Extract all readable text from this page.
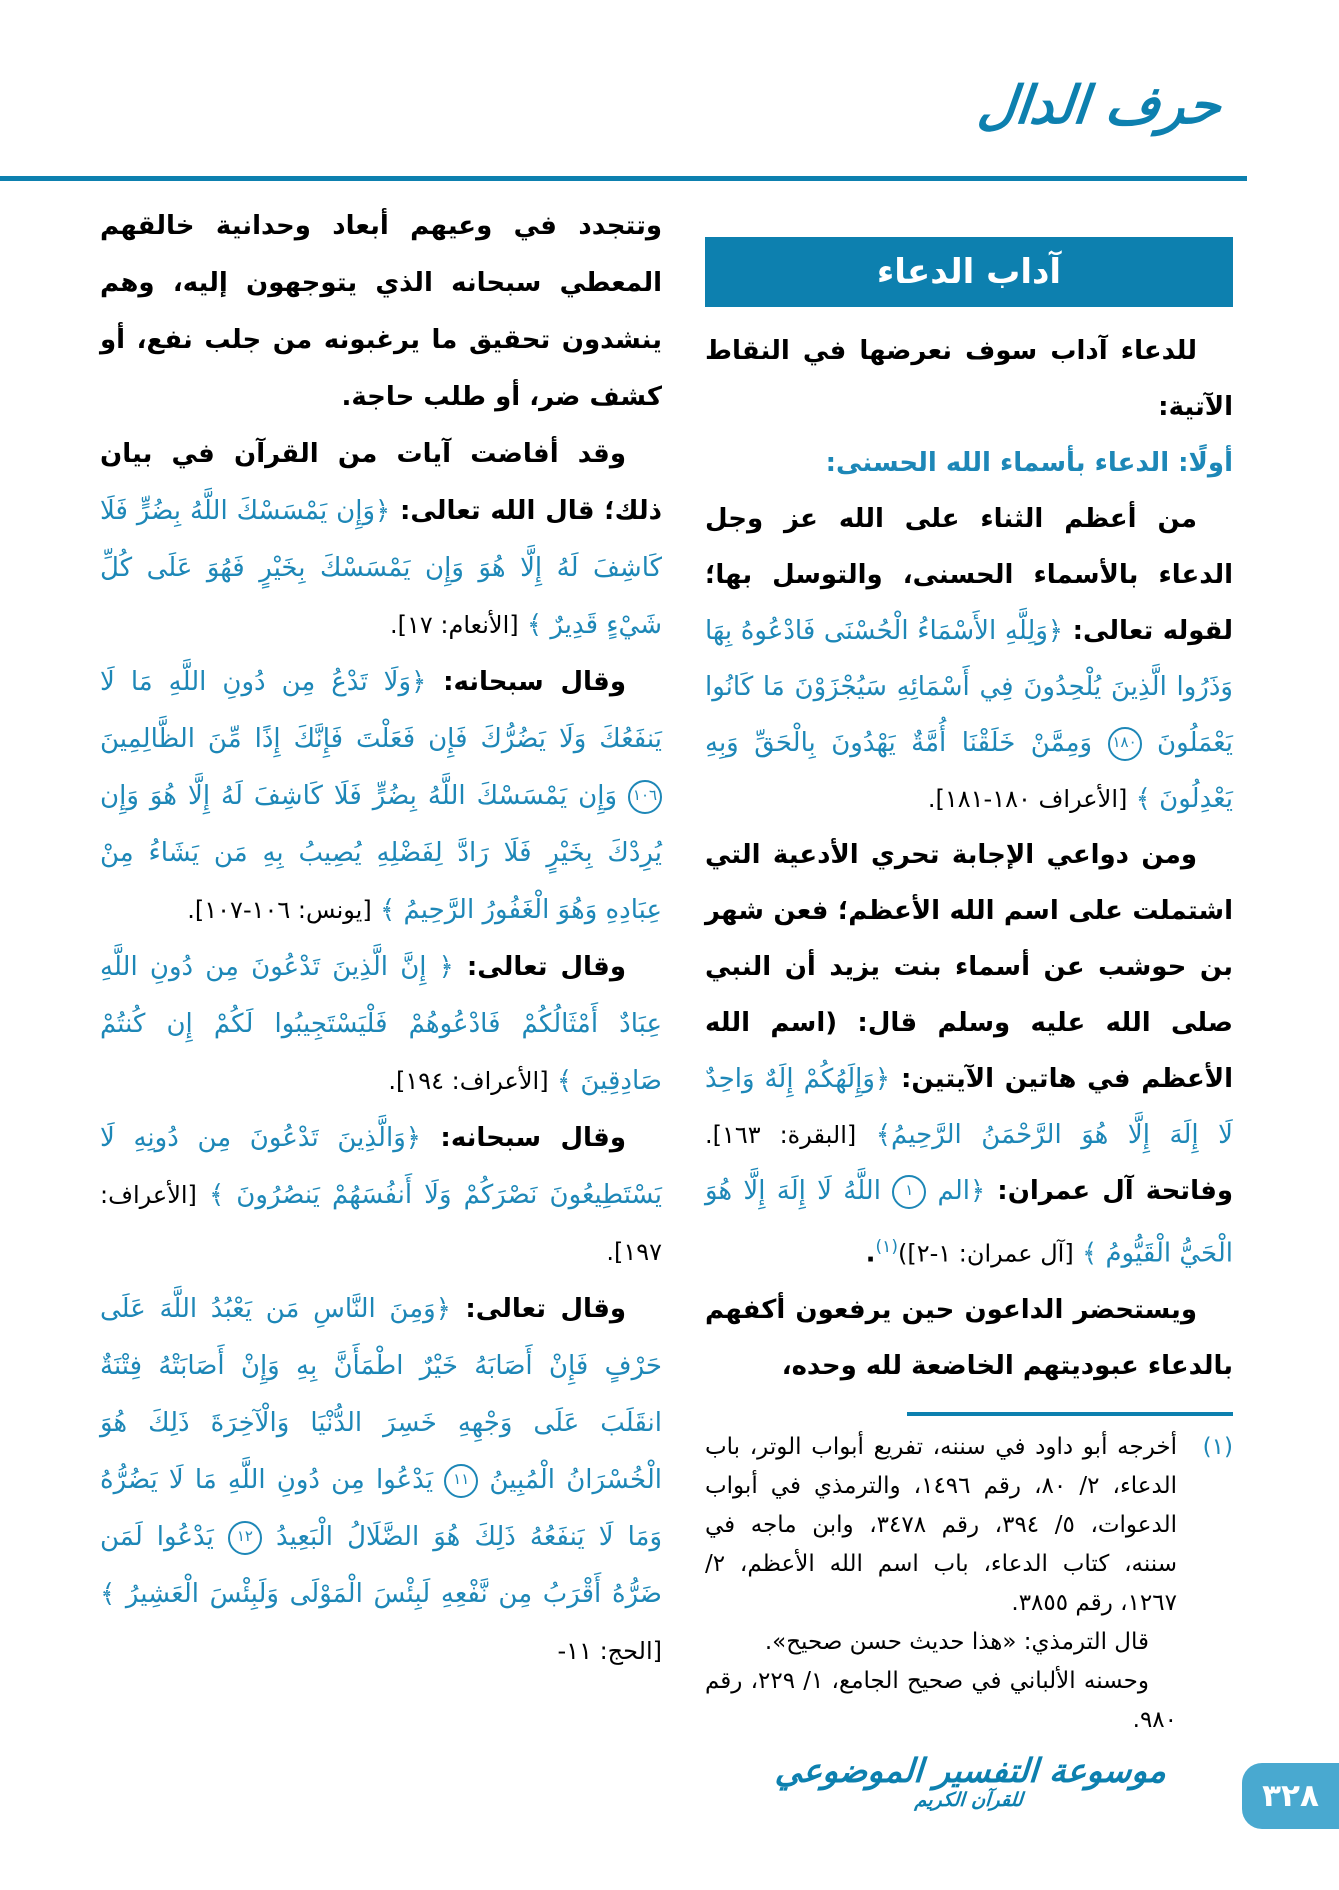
حرف الدال

وتتجدد في وعيهم أبعاد وحدانية خالقهم المعطي سبحانه الذي يتوجهون إليه، وهم ينشدون تحقيق ما يرغبونه من جلب نفع، أو كشف ضر، أو طلب حاجة.

وقد أفاضت آيات من القرآن في بيان ذلك؛ قال الله تعالى: ﴿وَإِن يَمْسَسْكَ اللَّهُ بِضُرٍّ فَلَا كَاشِفَ لَهُ إِلَّا هُوَ وَإِن يَمْسَسْكَ بِخَيْرٍ فَهُوَ عَلَى كُلِّ شَيْءٍ قَدِيرٌ ﴾ [الأنعام: ١٧].

وقال سبحانه: ﴿وَلَا تَدْعُ مِن دُونِ اللَّهِ مَا لَا يَنفَعُكَ وَلَا يَضُرُّكَ فَإِن فَعَلْتَ فَإِنَّكَ إِذًا مِّنَ الظَّالِمِينَ ١٠٦ وَإِن يَمْسَسْكَ اللَّهُ بِضُرٍّ فَلَا كَاشِفَ لَهُ إِلَّا هُوَ وَإِن يُرِدْكَ بِخَيْرٍ فَلَا رَادَّ لِفَضْلِهِ يُصِيبُ بِهِ مَن يَشَاءُ مِنْ عِبَادِهِ وَهُوَ الْغَفُورُ الرَّحِيمُ ﴾ [يونس: ١٠٦-١٠٧].

وقال تعالى: ﴿ إِنَّ الَّذِينَ تَدْعُونَ مِن دُونِ اللَّهِ عِبَادٌ أَمْثَالُكُمْ فَادْعُوهُمْ فَلْيَسْتَجِيبُوا لَكُمْ إِن كُنتُمْ صَادِقِينَ ﴾ [الأعراف: ١٩٤].

وقال سبحانه: ﴿وَالَّذِينَ تَدْعُونَ مِن دُونِهِ لَا يَسْتَطِيعُونَ نَصْرَكُمْ وَلَا أَنفُسَهُمْ يَنصُرُونَ ﴾ [الأعراف: ١٩٧].

وقال تعالى: ﴿وَمِنَ النَّاسِ مَن يَعْبُدُ اللَّهَ عَلَى حَرْفٍ فَإِنْ أَصَابَهُ خَيْرٌ اطْمَأَنَّ بِهِ وَإِنْ أَصَابَتْهُ فِتْنَةٌ انقَلَبَ عَلَى وَجْهِهِ خَسِرَ الدُّنْيَا وَالْآخِرَةَ ذَلِكَ هُوَ الْخُسْرَانُ الْمُبِينُ ١١ يَدْعُوا مِن دُونِ اللَّهِ مَا لَا يَضُرُّهُ وَمَا لَا يَنفَعُهُ ذَلِكَ هُوَ الضَّلَالُ الْبَعِيدُ ١٢ يَدْعُوا لَمَن ضَرُّهُ أَقْرَبُ مِن نَّفْعِهِ لَبِئْسَ الْمَوْلَى وَلَبِئْسَ الْعَشِيرُ ﴾ [الحج: ١١-‏

آداب الدعاء

للدعاء آداب سوف نعرضها في النقاط الآتية:

أولًا: الدعاء بأسماء الله الحسنى:

من أعظم الثناء على الله عز وجل الدعاء بالأسماء الحسنى، والتوسل بها؛ لقوله تعالى: ﴿وَلِلَّهِ الأَسْمَاءُ الْحُسْنَى فَادْعُوهُ بِهَا وَذَرُوا الَّذِينَ يُلْحِدُونَ فِي أَسْمَائِهِ سَيُجْزَوْنَ مَا كَانُوا يَعْمَلُونَ ١٨٠ وَمِمَّنْ خَلَقْنَا أُمَّةٌ يَهْدُونَ بِالْحَقِّ وَبِهِ يَعْدِلُونَ ﴾ [الأعراف ١٨٠-١٨١].

ومن دواعي الإجابة تحري الأدعية التي اشتملت على اسم الله الأعظم؛ فعن شهر بن حوشب عن أسماء بنت يزيد أن النبي صلى الله عليه وسلم قال: (اسم الله الأعظم في هاتين الآيتين: ﴿وَإِلَهُكُمْ إِلَهٌ وَاحِدٌ لَا إِلَهَ إِلَّا هُوَ الرَّحْمَنُ الرَّحِيمُ﴾ [البقرة: ١٦٣]. وفاتحة آل عمران: ﴿الم ١ اللَّهُ لَا إِلَهَ إِلَّا هُوَ الْحَيُّ الْقَيُّومُ ﴾ [آل عمران: ١-٢])$^{(١)}$‏.

ويستحضر الداعون حين يرفعون أكفهم بالدعاء عبوديتهم الخاضعة لله وحده،

(١)

أخرجه أبو داود في سننه، تفريع أبواب الوتر، باب الدعاء، ٢/ ٨٠، رقم ١٤٩٦، والترمذي في أبواب الدعوات، ٥/ ٣٩٤، رقم ٣٤٧٨، وابن ماجه في سننه، كتاب الدعاء، باب اسم الله الأعظم، ٢/ ١٢٦٧، رقم ٣٨٥٥.

قال الترمذي: «هذا حديث حسن صحيح».

وحسنه الألباني في صحيح الجامع، ١/ ٢٢٩، رقم ٩٨٠.

موسوعة التفسير الموضوعي
للقرآن الكريم	٣٢٨
